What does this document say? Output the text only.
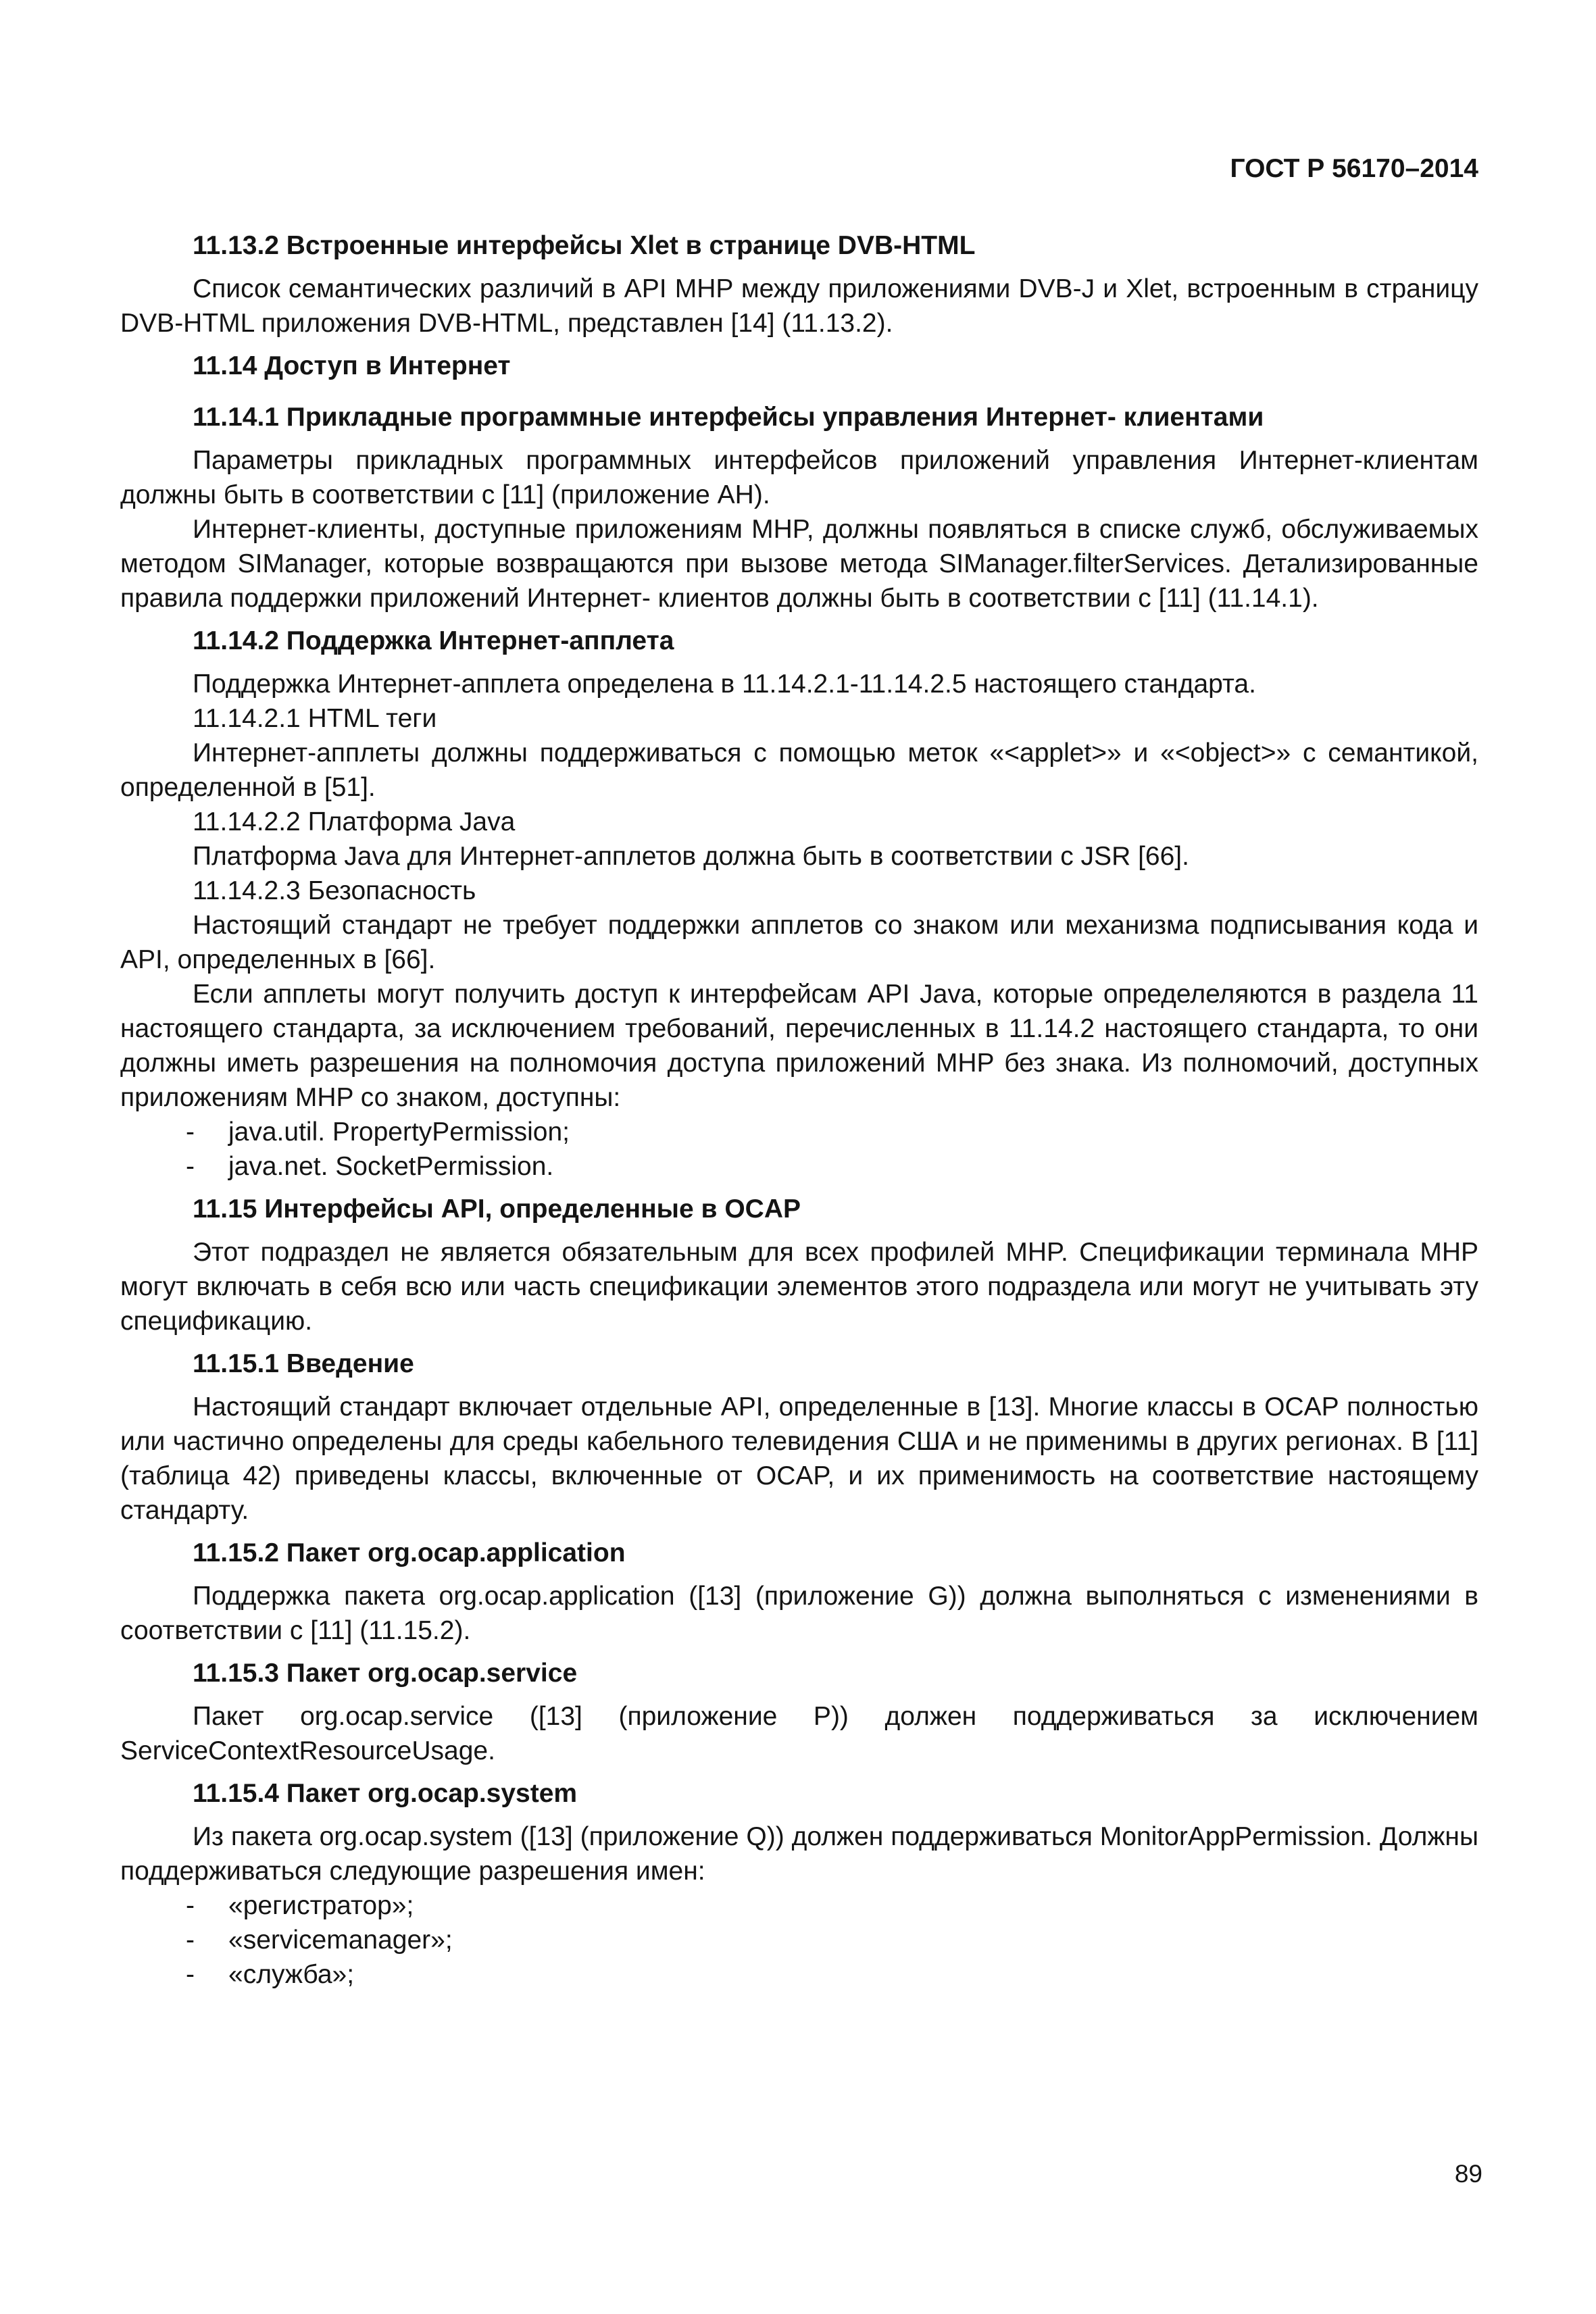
ГОСТ Р 56170–2014

11.13.2 Встроенные интерфейсы Xlet в странице DVB-HTML

Список семантических различий в API MHP между приложениями DVB-J и Xlet, встроенным в страницу DVB-HTML приложения DVB-HTML, представлен [14] (11.13.2).

11.14 Доступ в Интернет
11.14.1 Прикладные программные интерфейсы управления Интернет- клиентами

Параметры прикладных программных интерфейсов приложений управления Интернет-клиентам должны быть в соответствии с [11] (приложение AH).

Интернет-клиенты, доступные приложениям MHP, должны появляться в списке служб, обслуживаемых методом SIManager, которые возвращаются при вызове метода SIManager.filterServices. Детализированные правила поддержки приложений Интернет- клиентов должны быть в соответствии с [11] (11.14.1).

11.14.2 Поддержка Интернет-апплета

Поддержка Интернет-апплета определена в 11.14.2.1-11.14.2.5 настоящего стандарта.

11.14.2.1 HTML теги

Интернет-апплеты должны поддерживаться с помощью меток «<applet>» и «<object>» с семантикой, определенной в [51].

11.14.2.2 Платформа Java

Платформа Java для Интернет-апплетов должна быть в соответствии с JSR [66].

11.14.2.3 Безопасность

Настоящий стандарт не требует поддержки апплетов со знаком или механизма подписывания кода и API, определенных в [66].

Если апплеты могут получить доступ к интерфейсам API Java, которые определеляются в раздела 11 настоящего стандарта, за исключением требований, перечисленных в 11.14.2 настоящего стандарта, то они должны иметь разрешения на полномочия доступа приложений MHP без знака. Из полномочий, доступных приложениям MHP со знаком, доступны:

- java.util. PropertyPermission;
- java.net. SocketPermission.
11.15 Интерфейсы API, определенные в OCAP

Этот подраздел не является обязательным для всех профилей MHP. Спецификации терминала MHP могут включать в себя всю или часть спецификации элементов этого подраздела или могут не учитывать эту спецификацию.

11.15.1 Введение

Настоящий стандарт включает отдельные API, определенные в [13]. Многие классы в OCAP полностью или частично определены для среды кабельного телевидения США и не применимы в других регионах. В [11] (таблица 42) приведены классы, включенные от OCAP, и их применимость на соответствие настоящему стандарту.

11.15.2 Пакет org.ocap.application

Поддержка пакета org.ocap.application ([13] (приложение G)) должна выполняться с изменениями в соответствии с [11] (11.15.2).

11.15.3 Пакет org.ocap.service

Пакет org.ocap.service ([13] (приложение P)) должен поддерживаться за исключением ServiceContextResourceUsage.

11.15.4 Пакет org.ocap.system

Из пакета org.ocap.system ([13] (приложение Q)) должен поддерживаться MonitorAppPermission. Должны поддерживаться следующие разрешения имен:

- «регистратор»;
- «servicemanager»;
- «служба»;

89
